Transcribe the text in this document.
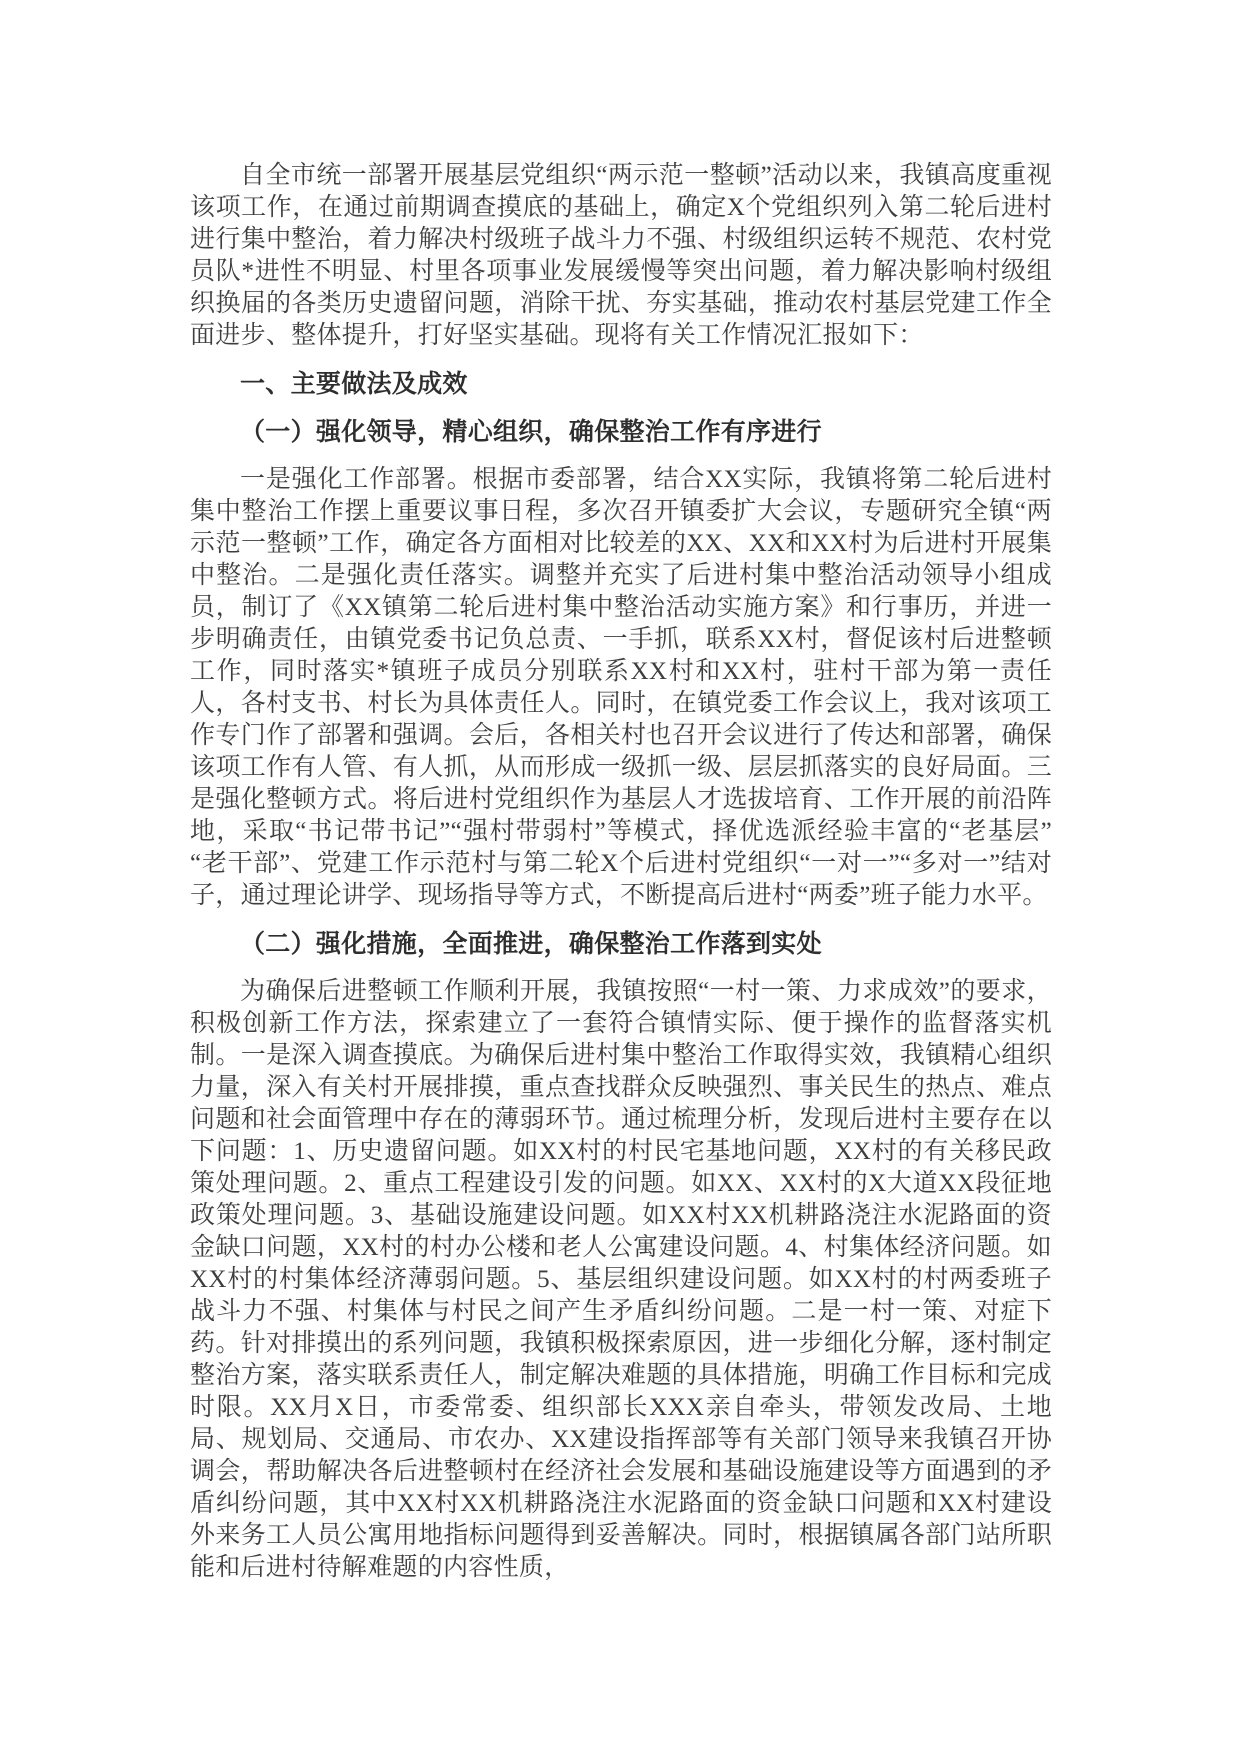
自全市统一部署开展基层党组织“两示范一整顿”活动以来，我镇高度重视该项工作，在通过前期调查摸底的基础上，确定X个党组织列入第二轮后进村进行集中整治，着力解决村级班子战斗力不强、村级组织运转不规范、农村党员队*进性不明显、村里各项事业发展缓慢等突出问题，着力解决影响村级组织换届的各类历史遗留问题，消除干扰、夯实基础，推动农村基层党建工作全面进步、整体提升，打好坚实基础。现将有关工作情况汇报如下：

一、主要做法及成效
（一）强化领导，精心组织，确保整治工作有序进行

一是强化工作部署。根据市委部署，结合XX实际，我镇将第二轮后进村集中整治工作摆上重要议事日程，多次召开镇委扩大会议，专题研究全镇“两示范一整顿”工作，确定各方面相对比较差的XX、XX和XX村为后进村开展集中整治。二是强化责任落实。调整并充实了后进村集中整治活动领导小组成员，制订了《XX镇第二轮后进村集中整治活动实施方案》和行事历，并进一步明确责任，由镇党委书记负总责、一手抓，联系XX村，督促该村后进整顿工作，同时落实*镇班子成员分别联系XX村和XX村，驻村干部为第一责任人，各村支书、村长为具体责任人。同时，在镇党委工作会议上，我对该项工作专门作了部署和强调。会后，各相关村也召开会议进行了传达和部署，确保该项工作有人管、有人抓，从而形成一级抓一级、层层抓落实的良好局面。三是强化整顿方式。将后进村党组织作为基层人才选拔培育、工作开展的前沿阵地，采取“书记带书记”“强村带弱村”等模式，择优选派经验丰富的“老基层”“老干部”、党建工作示范村与第二轮X个后进村党组织“一对一”“多对一”结对子，通过理论讲学、现场指导等方式，不断提高后进村“两委”班子能力水平。

（二）强化措施，全面推进，确保整治工作落到实处

为确保后进整顿工作顺利开展，我镇按照“一村一策、力求成效”的要求，积极创新工作方法，探索建立了一套符合镇情实际、便于操作的监督落实机制。一是深入调查摸底。为确保后进村集中整治工作取得实效，我镇精心组织力量，深入有关村开展排摸，重点查找群众反映强烈、事关民生的热点、难点问题和社会面管理中存在的薄弱环节。通过梳理分析，发现后进村主要存在以下问题：1、历史遗留问题。如XX村的村民宅基地问题，XX村的有关移民政策处理问题。2、重点工程建设引发的问题。如XX、XX村的X大道XX段征地政策处理问题。3、基础设施建设问题。如XX村XX机耕路浇注水泥路面的资金缺口问题，XX村的村办公楼和老人公寓建设问题。4、村集体经济问题。如XX村的村集体经济薄弱问题。5、基层组织建设问题。如XX村的村两委班子战斗力不强、村集体与村民之间产生矛盾纠纷问题。二是一村一策、对症下药。针对排摸出的系列问题，我镇积极探索原因，进一步细化分解，逐村制定整治方案，落实联系责任人，制定解决难题的具体措施，明确工作目标和完成时限。XX月X日，市委常委、组织部长XXX亲自牵头，带领发改局、土地局、规划局、交通局、市农办、XX建设指挥部等有关部门领导来我镇召开协调会，帮助解决各后进整顿村在经济社会发展和基础设施建设等方面遇到的矛盾纠纷问题，其中XX村XX机耕路浇注水泥路面的资金缺口问题和XX村建设外来务工人员公寓用地指标问题得到妥善解决。同时，根据镇属各部门站所职能和后进村待解难题的内容性质，
